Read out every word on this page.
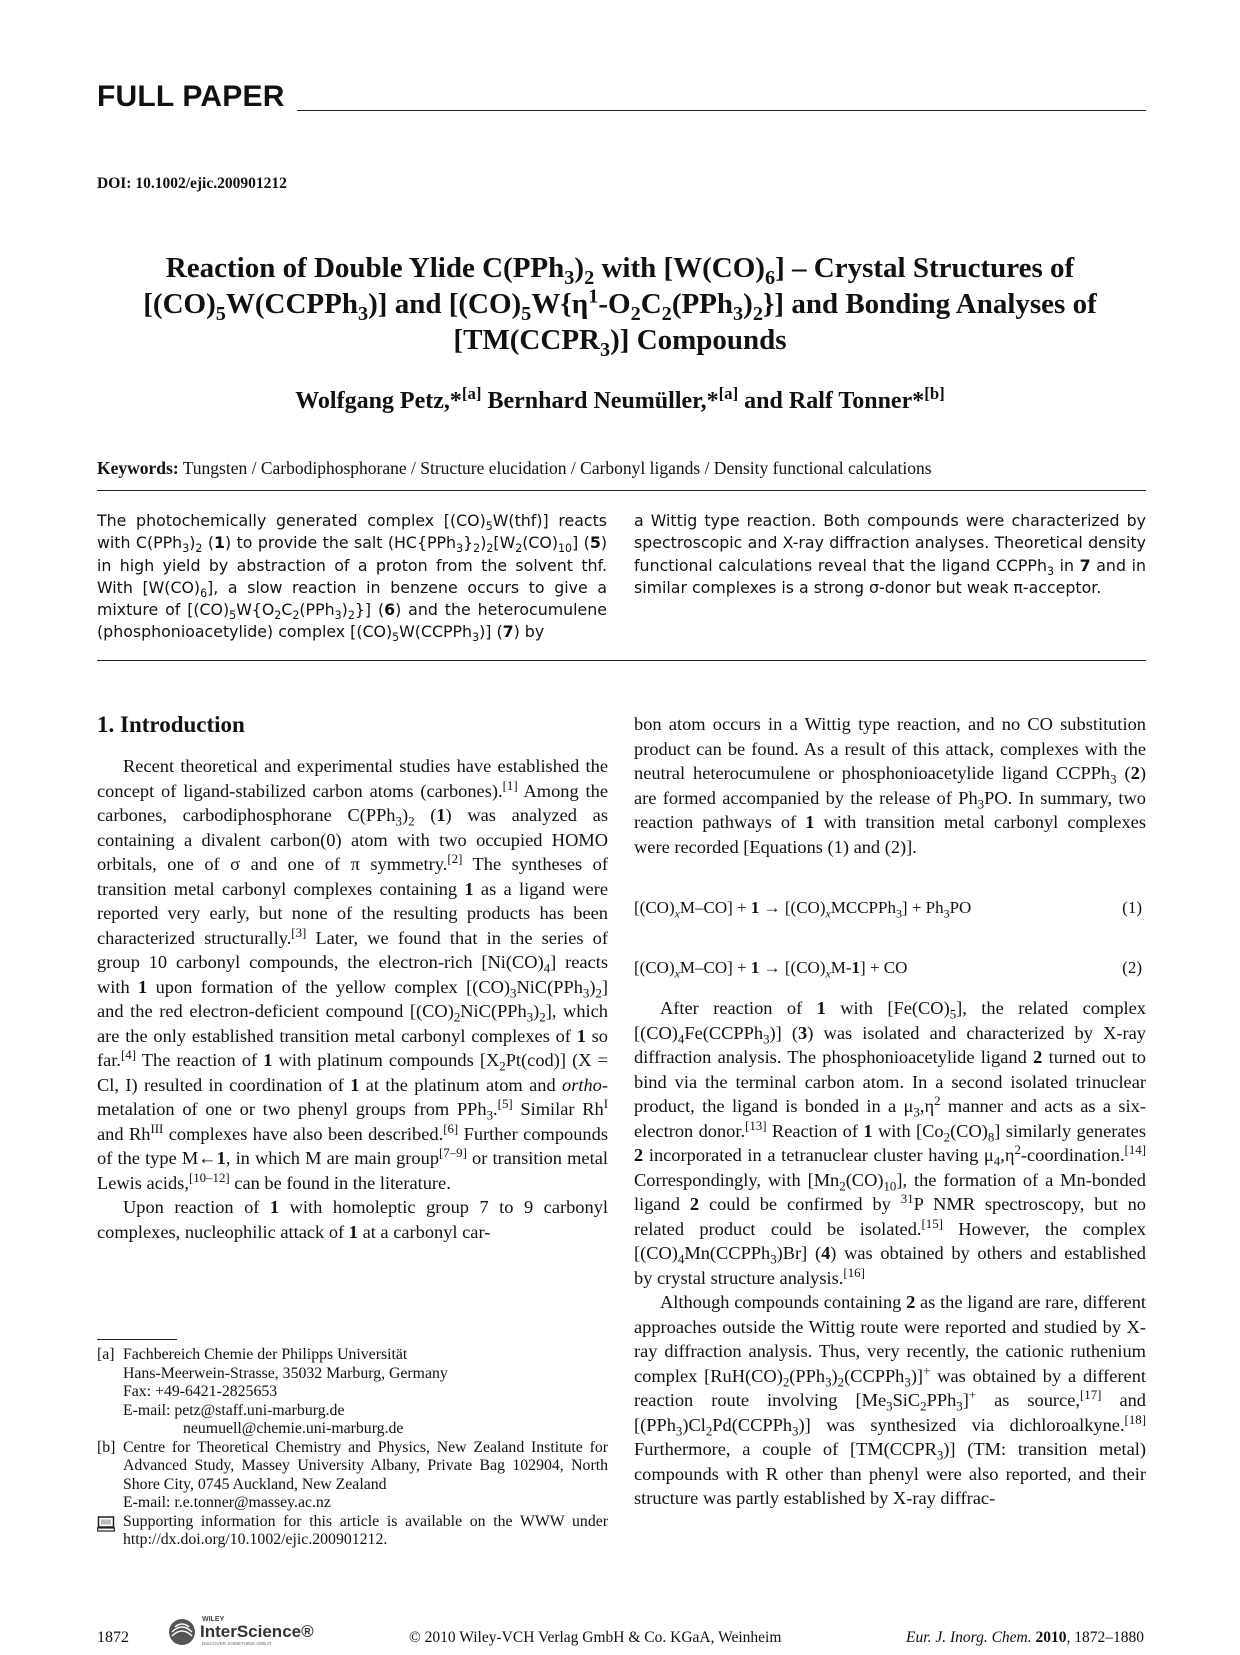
FULL PAPER
DOI: 10.1002/ejic.200901212
Reaction of Double Ylide $C(PPh_3)_2$ with $[W(CO)_6]$ – Crystal Structures of
$[(CO)_5W(CCPPh_3)]$ and $[(CO)_5W\{\eta^1-O_2C_2(PPh_3)_2\}]$ and Bonding Analyses of
$[TM(CCPR_3)]$ Compounds
Wolfgang Petz,*[a] Bernhard Neumüller,*[a] and Ralf Tonner*[b]
Keywords: Tungsten / Carbodiphosphorane / Structure elucidation / Carbonyl ligands / Density functional calculations
The photochemically generated complex $[(CO)_5W(thf)]$ reacts with $C(PPh_3)_2$ (1) to provide the salt $(HC\{PPh_3\}_2)_2[W_2(CO)_{10}]$ (5) in high yield by abstraction of a proton from the solvent thf. With $[W(CO)_6]$, a slow reaction in benzene occurs to give a mixture of $[(CO)_5W\{O_2C_2(PPh_3)_2\}]$ (6) and the heterocumulene (phosphonioacetylide) complex $[(CO)_5W(CCPPh_3)]$ (7) by
a Wittig type reaction. Both compounds were characterized by spectroscopic and X-ray diffraction analyses. Theoretical density functional calculations reveal that the ligand CCPPh$_3$ in 7 and in similar complexes is a strong σ-donor but weak π-acceptor.
1. Introduction

Recent theoretical and experimental studies have established the concept of ligand-stabilized carbon atoms (carbones).[1] Among the carbones, carbodiphosphorane $C(PPh_3)_2$ (1) was analyzed as containing a divalent carbon(0) atom with two occupied HOMO orbitals, one of σ and one of π symmetry.[2] The syntheses of transition metal carbonyl complexes containing 1 as a ligand were reported very early, but none of the resulting products has been characterized structurally.[3] Later, we found that in the series of group 10 carbonyl compounds, the electron-rich $[Ni(CO)_4]$ reacts with 1 upon formation of the yellow complex $[(CO)_3NiC(PPh_3)_2]$ and the red electron-deficient compound $[(CO)_2NiC(PPh_3)_2]$, which are the only established transition metal carbonyl complexes of 1 so far.[4] The reaction of 1 with platinum compounds $[X_2Pt(cod)] (X = Cl$, I) resulted in coordination of 1 at the platinum atom and ortho-metalation of one or two phenyl groups from PPh$_3$.[5] Similar $Rh^I$ and $Rh^{III}$ complexes have also been described.[6] Further compounds of the type M←1, in which M are main group[7–9] or transition metal Lewis acids,[10–12] can be found in the literature.

Upon reaction of 1 with homoleptic group 7 to 9 carbonyl complexes, nucleophilic attack of 1 at a carbonyl car-

bon atom occurs in a Wittig type reaction, and no CO substitution product can be found. As a result of this attack, complexes with the neutral heterocumulene or phosphonioacetylide ligand CCPPh$_3$ (2) are formed accompanied by the release of $Ph_3PO$. In summary, two reaction pathways of 1 with transition metal carbonyl complexes were recorded [Equations (1) and (2)].

$[(CO)_xM-CO] + 1$ → $[(CO)_xMCCPPh_3] + Ph_3PO$	(1)
$[(CO)_xM-CO] + 1 \to [(CO)_xM-1]$ + CO	(2)

After reaction of 1 with $[Fe(CO)_5]$, the related complex $[(CO)_4Fe(CCPPh_3)]$ (3) was isolated and characterized by X-ray diffraction analysis. The phosphonioacetylide ligand 2 turned out to bind via the terminal carbon atom. In a second isolated trinuclear product, the ligand is bonded in a $\mu_3,\eta^2$ manner and acts as a six-electron donor.[13] Reaction of 1 with $[Co_2(CO)_8]$ similarly generates 2 incorporated in a tetranuclear cluster having $\mu_4,\eta^2-coordination.[14]$ Correspondingly, with $[Mn_2(CO)_{10}]$, the formation of a Mn-bonded ligand 2 could be confirmed by $^{31}$P NMR spectroscopy, but no related product could be isolated.[15] However, the complex $[(CO)_4Mn(CCPPh_3)Br]$ (4) was obtained by others and established by crystal structure analysis.[16]

Although compounds containing 2 as the ligand are rare, different approaches outside the Wittig route were reported and studied by X-ray diffraction analysis. Thus, very recently, the cationic ruthenium complex $[RuH(CO)_2(PPh_3)_2(CCPPh_3)]^+$ was obtained by a different reaction route involving $[Me_3SiC_2PPh_3]^+$ as source,[17] and $[(PPh_3)Cl_2Pd(CCPPh_3)]$ was synthesized via dichloroalkyne.[18] Furthermore, a couple of $[TM(CCPR_3)]$ (TM: transition metal) compounds with R other than phenyl were also reported, and their structure was partly established by X-ray diffrac-

[a] Fachbereich Chemie der Philipps Universität
Hans-Meerwein-Strasse, 35032 Marburg, Germany
Fax: +49-6421-2825653
E-mail: petz@staff.uni-marburg.de
neumuell@chemie.uni-marburg.de
[b] Centre for Theoretical Chemistry and Physics, New Zealand Institute for Advanced Study, Massey University Albany, Private Bag 102904, North Shore City, 0745 Auckland, New Zealand
E-mail: r.e.tonner@massey.ac.nz
Supporting information for this article is available on the WWW under http://dx.doi.org/10.1002/ejic.200901212.
1872
WILEY
InterScience®
DISCOVER SOMETHING GREAT	© 2010 Wiley-VCH Verlag GmbH & Co. KGaA, Weinheim	Eur. J. Inorg. Chem. 2010, 1872–1880
